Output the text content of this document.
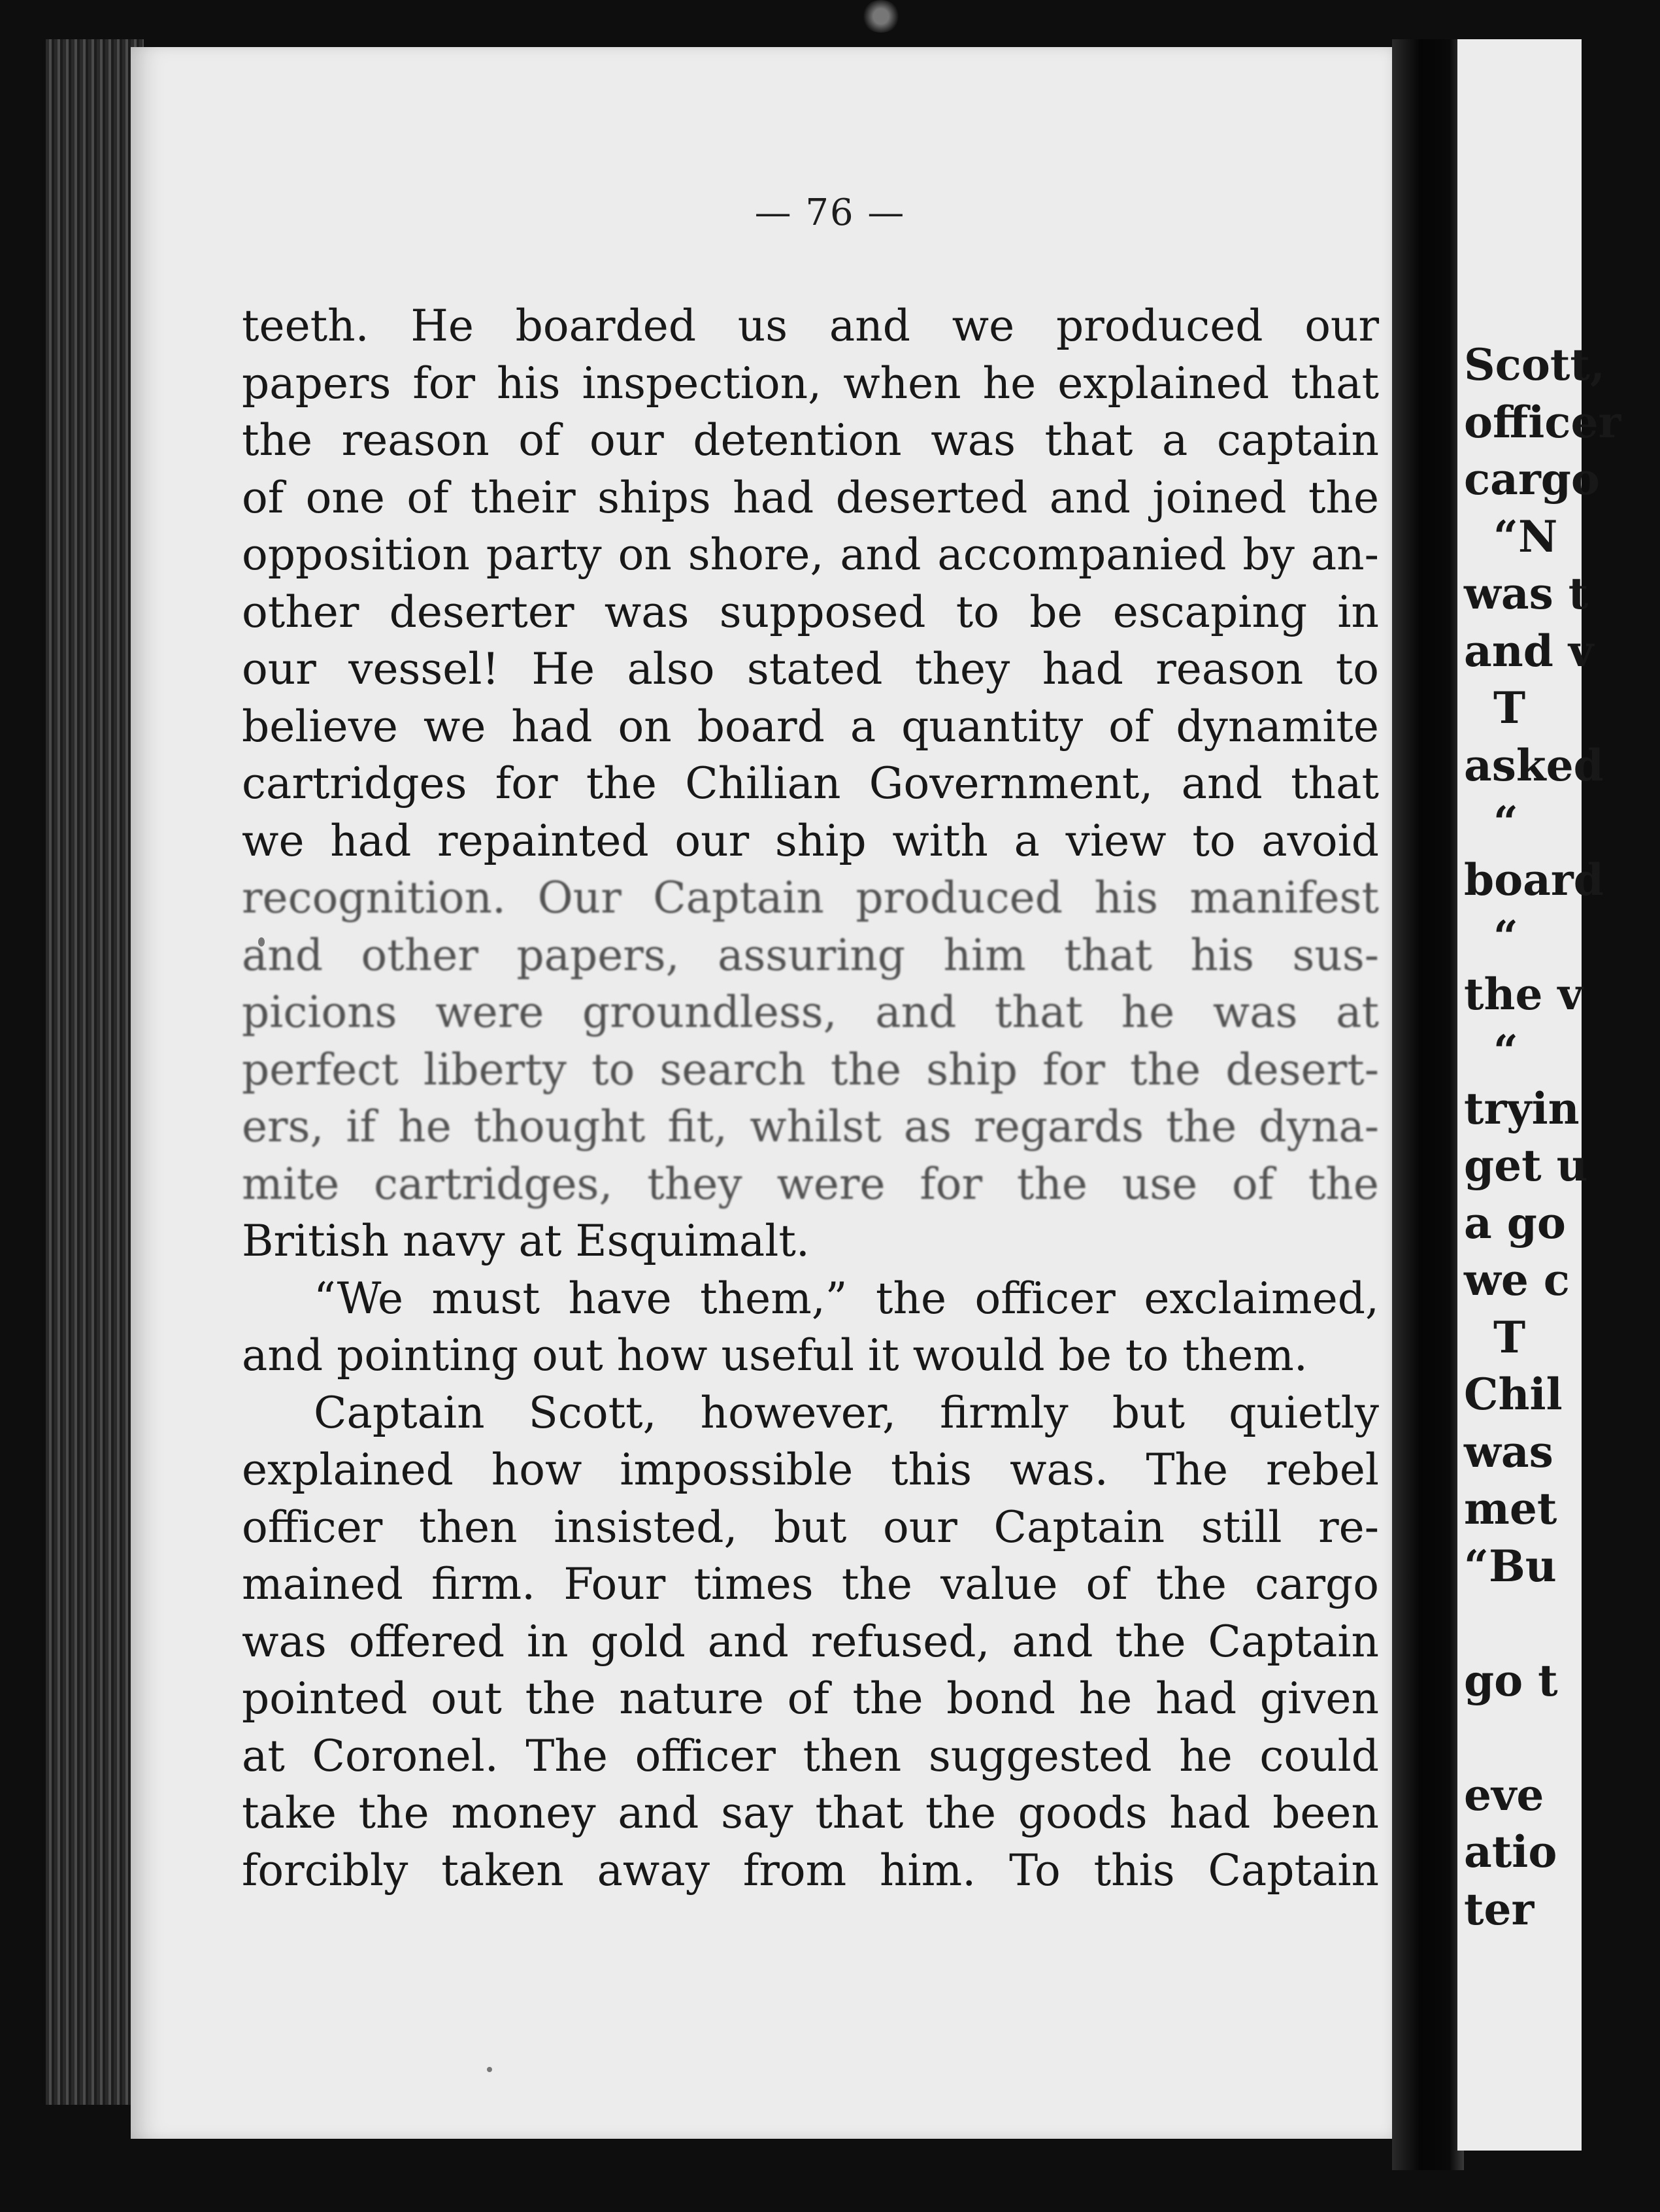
— 76 —
teeth. He boarded us and we produced our
papers for his inspection, when he explained that
the reason of our detention was that a captain
of one of their ships had deserted and joined the
opposition party on shore, and accompanied by an-
other deserter was supposed to be escaping in
our vessel! He also stated they had reason to
believe we had on board a quantity of dynamite
cartridges for the Chilian Government, and that
we had repainted our ship with a view to avoid
recognition. Our Captain produced his manifest
and other papers, assuring him that his sus-
picions were groundless, and that he was at
perfect liberty to search the ship for the desert-
ers, if he thought fit, whilst as regards the dyna-
mite cartridges, they were for the use of the
British navy at Esquimalt.
“We must have them,” the officer exclaimed,
and pointing out how useful it would be to them.
Captain Scott, however, firmly but quietly
explained how impossible this was. The rebel
officer then insisted, but our Captain still re-
mained firm. Four times the value of the cargo
was offered in gold and refused, and the Captain
pointed out the nature of the bond he had given
at Coronel. The officer then suggested he could
take the money and say that the goods had been
forcibly taken away from him. To this Captain
Scott,
officer
cargo
“N
was t
and v
T
asked
“
board
“
the v
“
tryin
get u
a go
we c
T
Chil
was
met
“Bu
go t
eve
atio
ter
